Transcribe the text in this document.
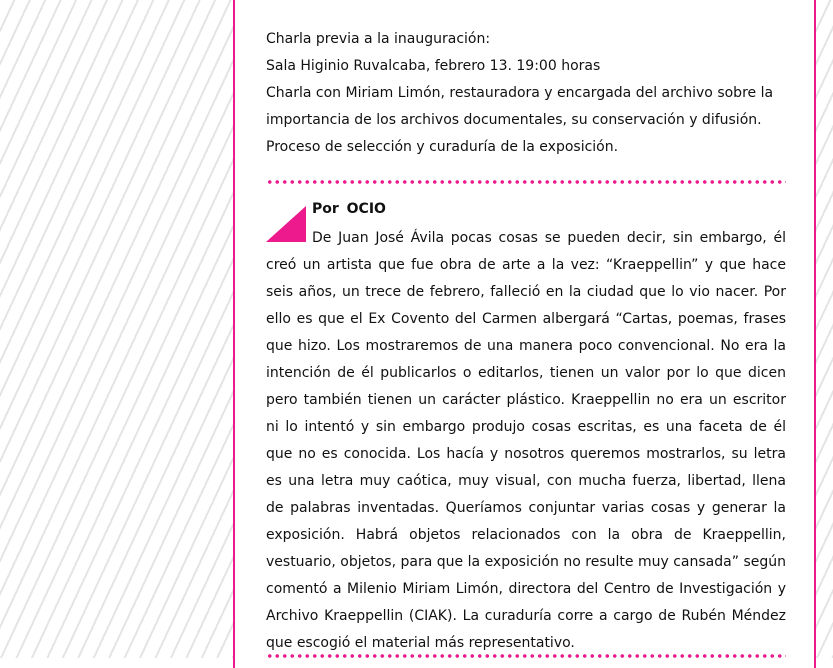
Charla previa a la inauguración:

Sala Higinio Ruvalcaba, febrero 13. 19:00 horas

Charla con Miriam Limón, restauradora y encargada del archivo sobre la importancia de los archivos documentales, su conservación y difusión. Proceso de selección y curaduría de la exposición.

Por OCIO

De Juan José Ávila pocas cosas se pueden decir, sin embargo, él creó un artista que fue obra de arte a la vez: “Kraeppellin” y que hace seis años, un trece de febrero, falleció en la ciudad que lo vio nacer. Por ello es que el Ex Covento del Carmen albergará “Cartas, poemas, frases que hizo. Los mostraremos de una manera poco convencional. No era la intención de él publicarlos o editarlos, tienen un valor por lo que dicen pero también tienen un carácter plástico. Kraeppellin no era un escritor ni lo intentó y sin embargo produjo cosas escritas, es una faceta de él que no es conocida. Los hacía y nosotros queremos mostrarlos, su letra es una letra muy caótica, muy visual, con mucha fuerza, libertad, llena de palabras inventadas. Queríamos conjuntar varias cosas y generar la exposición. Habrá objetos relacionados con la obra de Kraeppellin, vestuario, objetos, para que la exposición no resulte muy cansada” según comentó a Milenio Miriam Limón, directora del Centro de Investigación y Archivo Kraeppellin (CIAK). La curaduría corre a cargo de Rubén Méndez que escogió el material más representativo.
